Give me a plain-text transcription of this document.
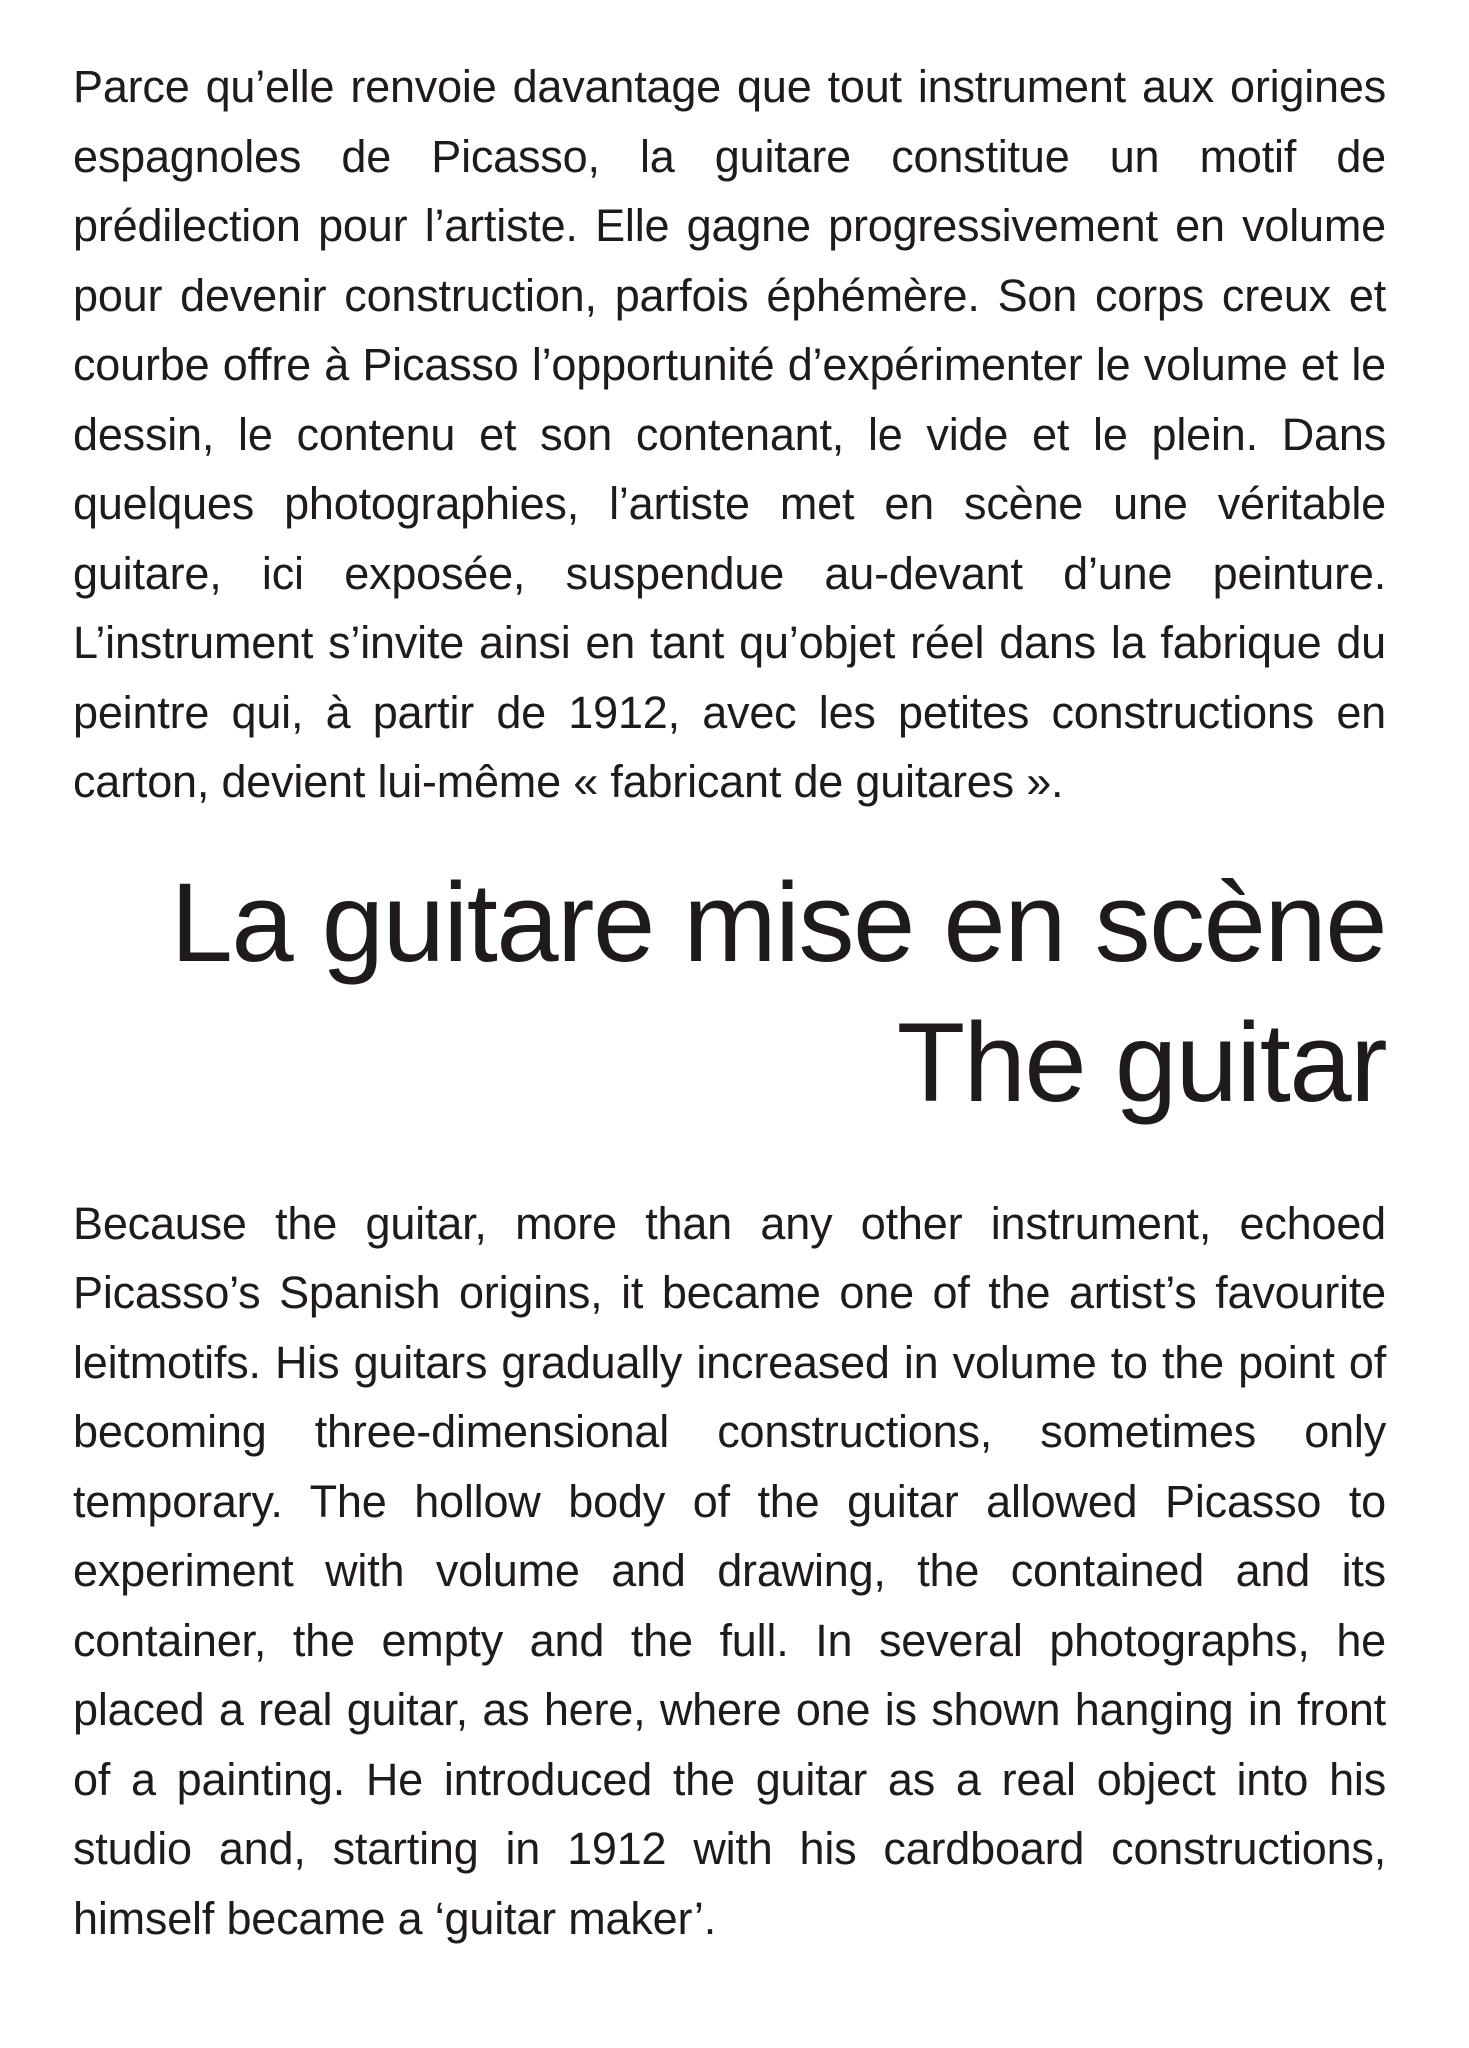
Parce qu’elle renvoie davantage que tout instrument aux origines espagnoles de Picasso, la guitare constitue un motif de prédilection pour l’artiste. Elle gagne progressivement en volume pour devenir construction, parfois éphémère. Son corps creux et courbe offre à Picasso l’opportunité d’expérimenter le volume et le dessin, le contenu et son contenant, le vide et le plein. Dans quelques photographies, l’artiste met en scène une véritable guitare, ici exposée, suspendue au-devant d’une peinture. L’instrument s’invite ainsi en tant qu’objet réel dans la fabrique du peintre qui, à partir de 1912, avec les petites constructions en carton, devient lui-même « fabricant de guitares ».

La guitare mise en scène
The guitar

Because the guitar, more than any other instrument, echoed Picasso’s Spanish origins, it became one of the artist’s favourite leitmotifs. His guitars gradually increased in volume to the point of becoming three-dimensional constructions, sometimes only temporary. The hollow body of the guitar allowed Picasso to experiment with volume and drawing, the contained and its container, the empty and the full. In several photographs, he placed a real guitar, as here, where one is shown hanging in front of a painting. He introduced the guitar as a real object into his studio and, starting in 1912 with his cardboard constructions, himself became a ‘guitar maker’.
